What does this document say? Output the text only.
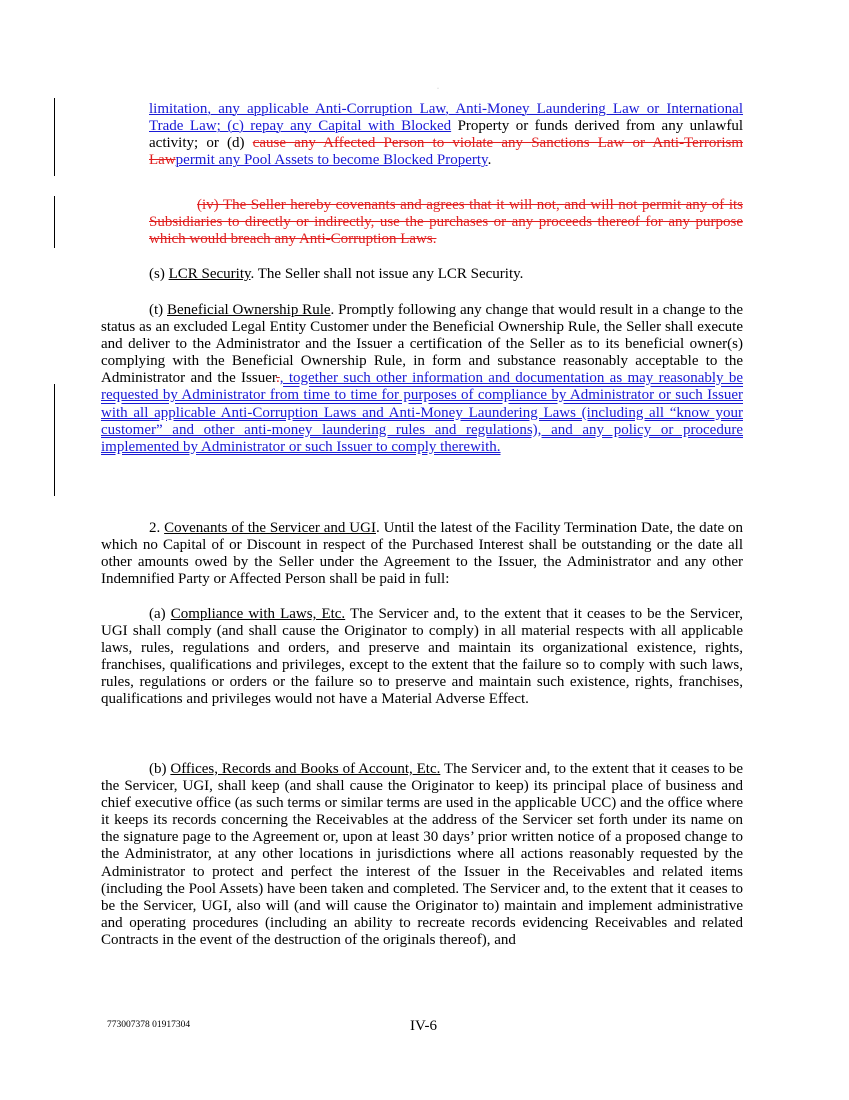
·

limitation, any applicable Anti-Corruption Law, Anti-Money Laundering Law or International Trade Law; (c) repay any Capital with Blocked Property or funds derived from any unlawful activity; or (d) cause any Affected Person to violate any Sanctions Law or Anti-Terrorism Lawpermit any Pool Assets to become Blocked Property.

(iv) The Seller hereby covenants and agrees that it will not, and will not permit any of its Subsidiaries to directly or indirectly, use the purchases or any proceeds thereof for any purpose which would breach any Anti-Corruption Laws.

(s) LCR Security. The Seller shall not issue any LCR Security.

(t) Beneficial Ownership Rule. Promptly following any change that would result in a change to the status as an excluded Legal Entity Customer under the Beneficial Ownership Rule, the Seller shall execute and deliver to the Administrator and the Issuer a certification of the Seller as to its beneficial owner(s) complying with the Beneficial Ownership Rule, in form and substance reasonably acceptable to the Administrator and the Issuer., together such other information and documentation as may reasonably be requested by Administrator from time to time for purposes of compliance by Administrator or such Issuer with all applicable Anti-Corruption Laws and Anti-Money Laundering Laws (including all “know your customer” and other anti-money laundering rules and regulations), and any policy or procedure implemented by Administrator or such Issuer to comply therewith.

2. Covenants of the Servicer and UGI. Until the latest of the Facility Termination Date, the date on which no Capital of or Discount in respect of the Purchased Interest shall be outstanding or the date all other amounts owed by the Seller under the Agreement to the Issuer, the Administrator and any other Indemnified Party or Affected Person shall be paid in full:

(a) Compliance with Laws, Etc. The Servicer and, to the extent that it ceases to be the Servicer, UGI shall comply (and shall cause the Originator to comply) in all material respects with all applicable laws, rules, regulations and orders, and preserve and maintain its organizational existence, rights, franchises, qualifications and privileges, except to the extent that the failure so to comply with such laws, rules, regulations or orders or the failure so to preserve and maintain such existence, rights, franchises, qualifications and privileges would not have a Material Adverse Effect.

(b) Offices, Records and Books of Account, Etc. The Servicer and, to the extent that it ceases to be the Servicer, UGI, shall keep (and shall cause the Originator to keep) its principal place of business and chief executive office (as such terms or similar terms are used in the applicable UCC) and the office where it keeps its records concerning the Receivables at the address of the Servicer set forth under its name on the signature page to the Agreement or, upon at least 30 days’ prior written notice of a proposed change to the Administrator, at any other locations in jurisdictions where all actions reasonably requested by the Administrator to protect and perfect the interest of the Issuer in the Receivables and related items (including the Pool Assets) have been taken and completed. The Servicer and, to the extent that it ceases to be the Servicer, UGI, also will (and will cause the Originator to) maintain and implement administrative and operating procedures (including an ability to recreate records evidencing Receivables and related Contracts in the event of the destruction of the originals thereof), and

773007378 01917304	IV-6
